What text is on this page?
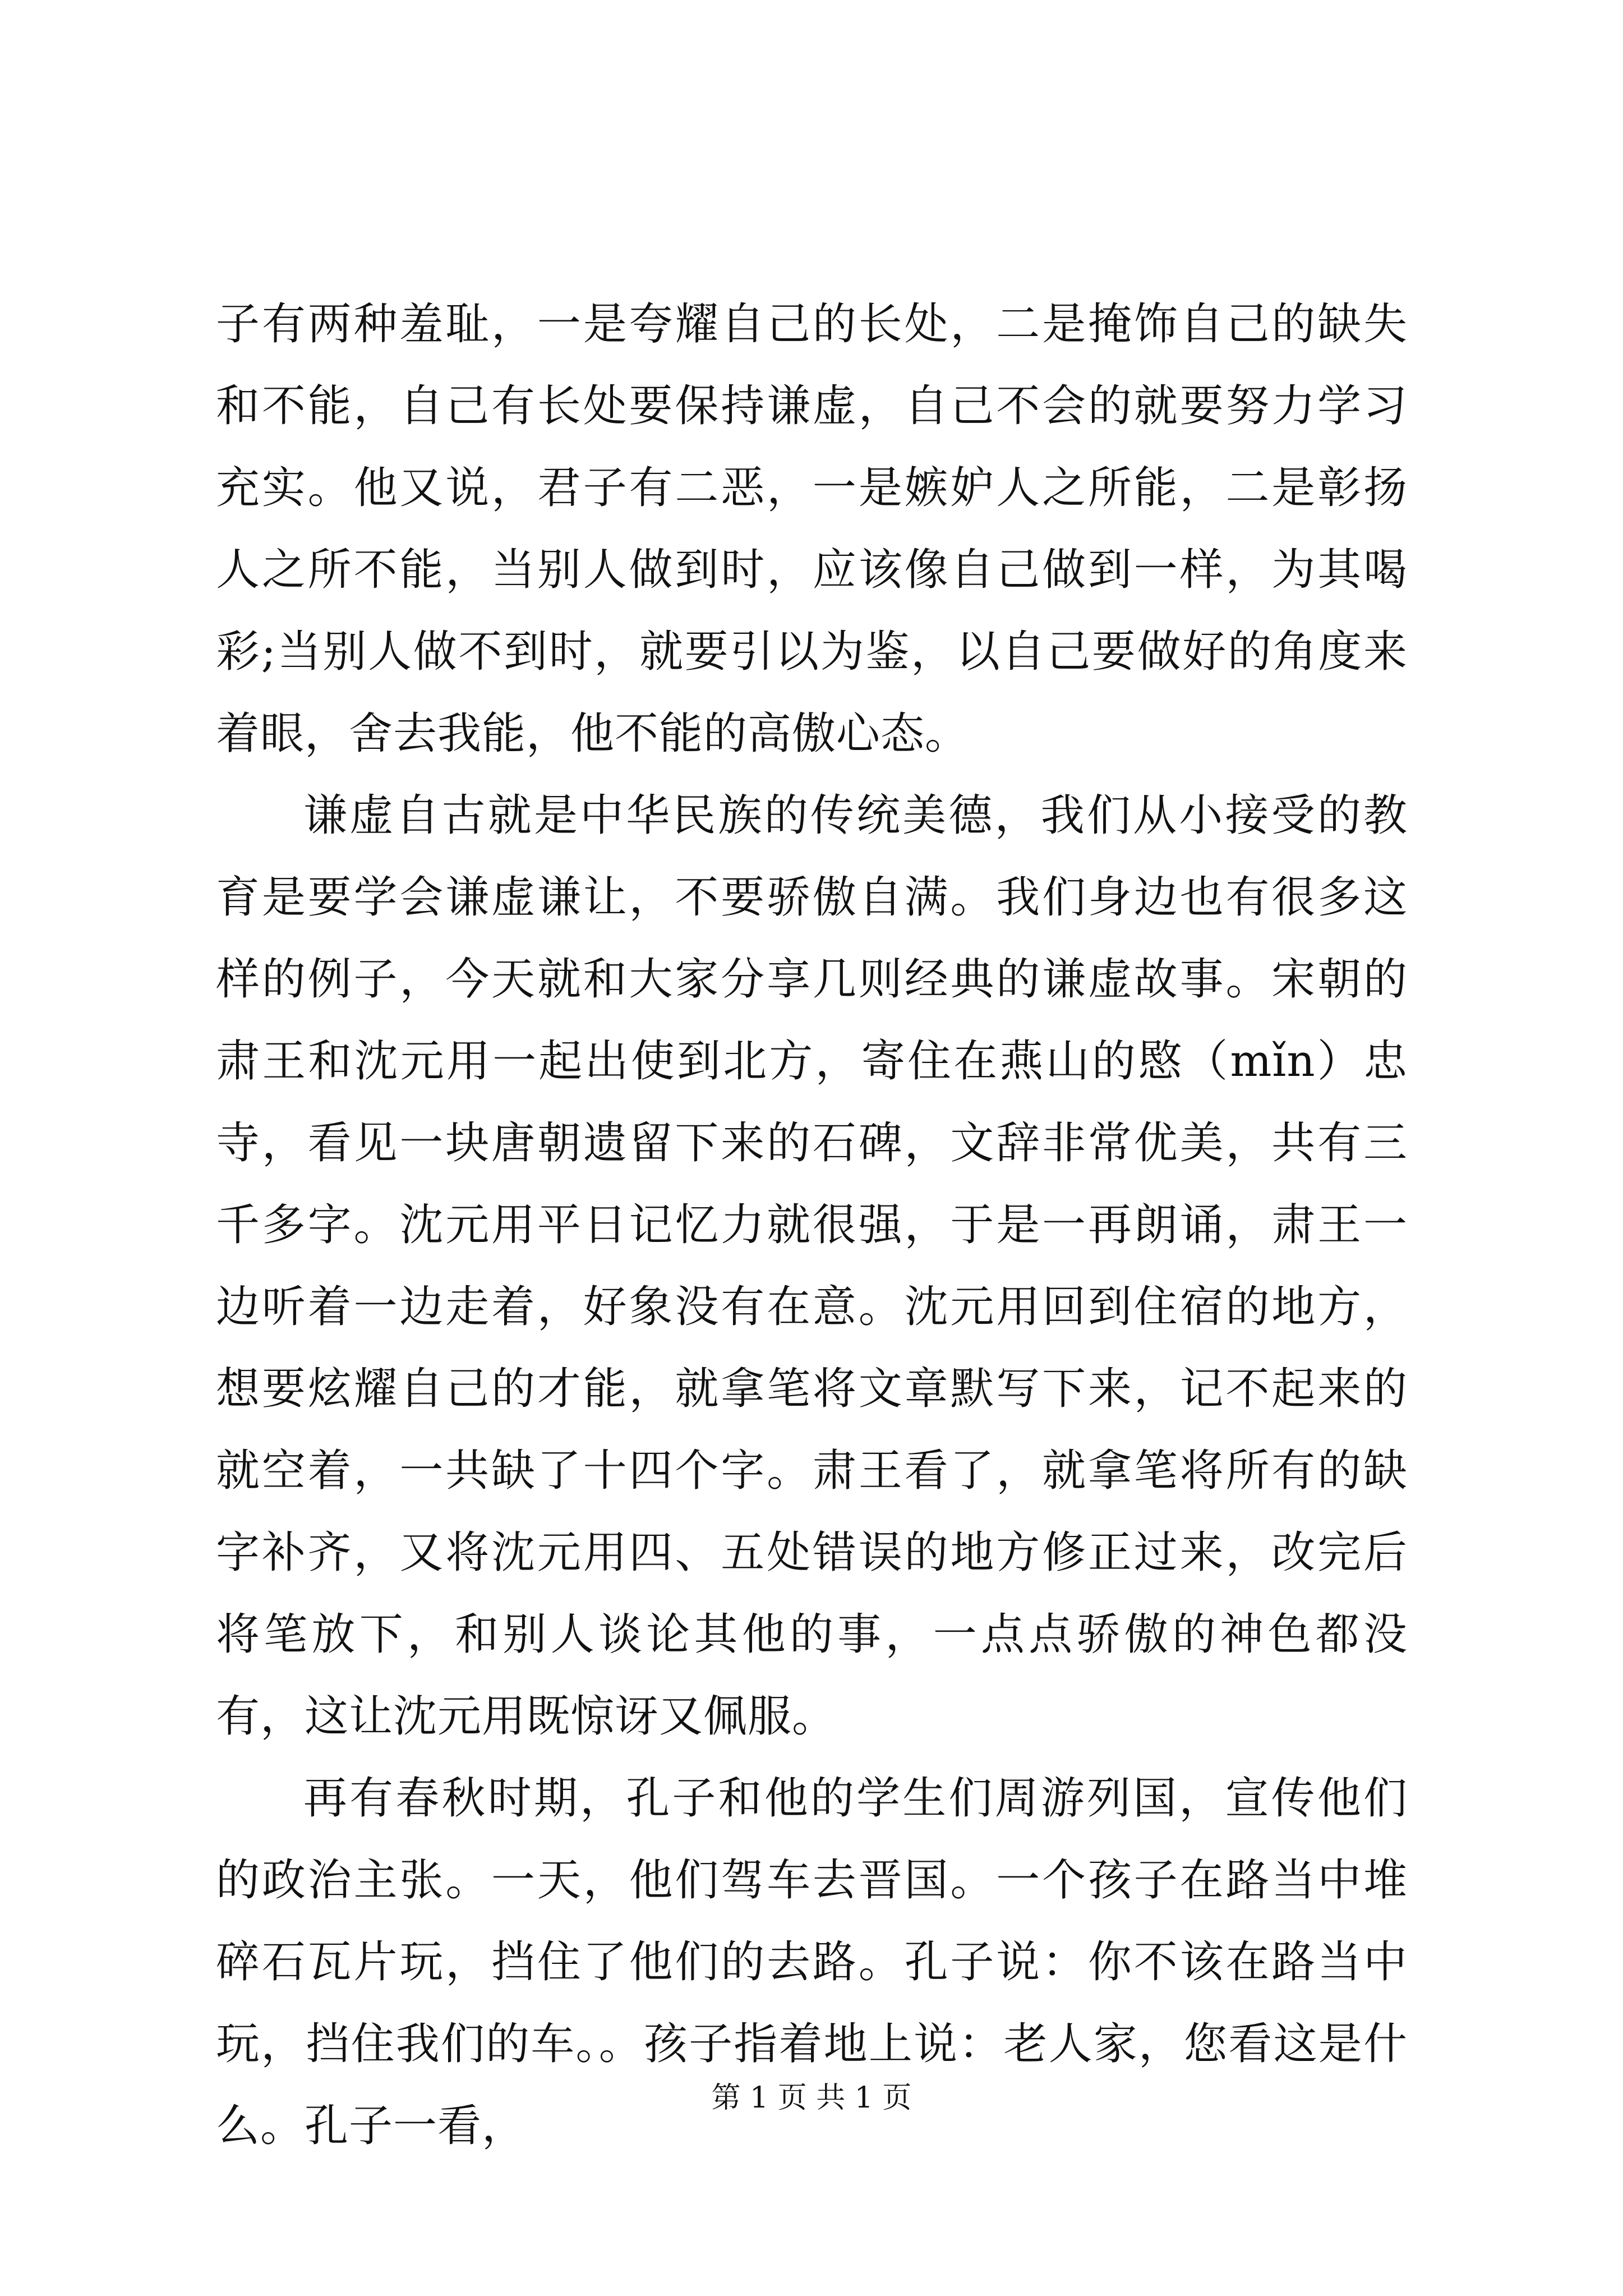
子有两种羞耻，一是夸耀自己的长处，二是掩饰自己的缺失和不能，自己有长处要保持谦虚，自己不会的就要努力学习充实。他又说，君子有二恶，一是嫉妒人之所能，二是彰扬人之所不能，当别人做到时，应该像自己做到一样，为其喝彩;当别人做不到时，就要引以为鉴，以自己要做好的角度来着眼，舍去我能，他不能的高傲心态。

谦虚自古就是中华民族的传统美德，我们从小接受的教育是要学会谦虚谦让，不要骄傲自满。我们身边也有很多这样的例子，今天就和大家分享几则经典的谦虚故事。宋朝的肃王和沈元用一起出使到北方，寄住在燕山的愍（mǐn）忠寺，看见一块唐朝遗留下来的石碑，文辞非常优美，共有三千多字。沈元用平日记忆力就很强，于是一再朗诵，肃王一边听着一边走着，好象没有在意。沈元用回到住宿的地方，想要炫耀自己的才能，就拿笔将文章默写下来，记不起来的就空着，一共缺了十四个字。肃王看了，就拿笔将所有的缺字补齐，又将沈元用四、五处错误的地方修正过来，改完后将笔放下，和别人谈论其他的事，一点点骄傲的神色都没有，这让沈元用既惊讶又佩服。

再有春秋时期，孔子和他的学生们周游列国，宣传他们的政治主张。一天，他们驾车去晋国。一个孩子在路当中堆碎石瓦片玩，挡住了他们的去路。孔子说：你不该在路当中玩，挡住我们的车。。孩子指着地上说：老人家，您看这是什么。孔子一看，

第 1 页 共 1 页
